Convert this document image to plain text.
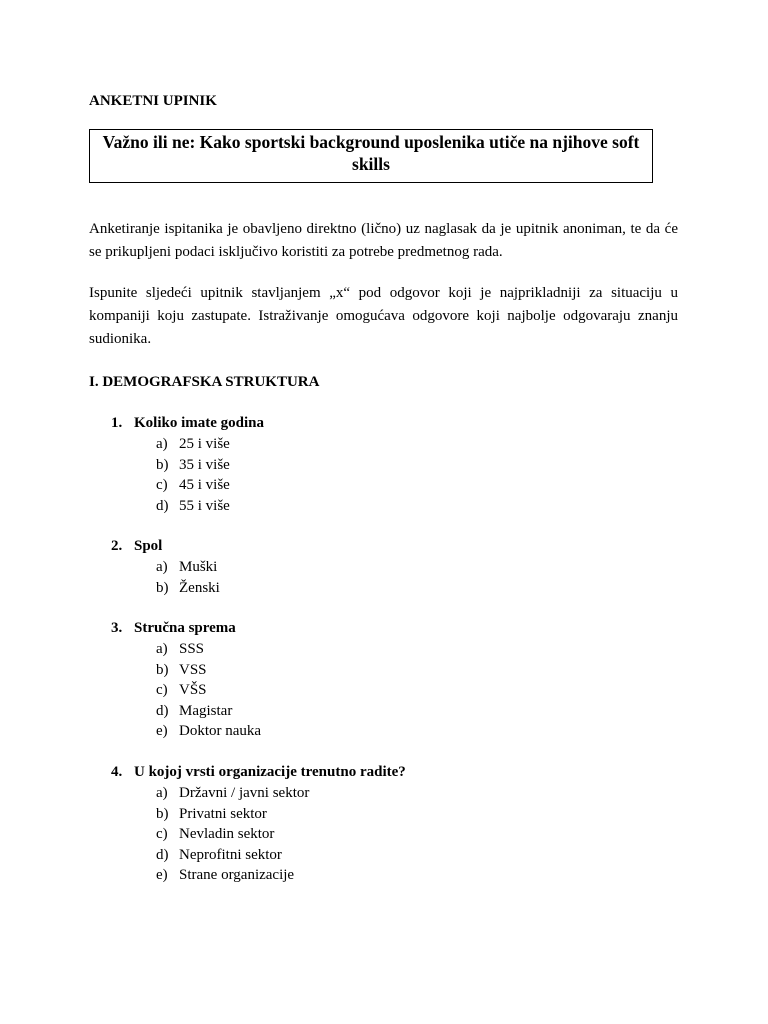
ANKETNI UPINIK
Važno ili ne: Kako sportski background uposlenika utiče na njihove soft
skills

Anketiranje ispitanika je obavljeno direktno (lično) uz naglasak da je upitnik anoniman, te da će se prikupljeni podaci isključivo koristiti za potrebe predmetnog rada.

Ispunite sljedeći upitnik stavljanjem „x“ pod odgovor koji je najprikladniji za situaciju u kompaniji koju zastupate. Istraživanje omogućava odgovore koji najbolje odgovaraju znanju sudionika.

I. DEMOGRAFSKA STRUKTURA
1. Koliko imate godina
a) 25 i više
b) 35 i više
c) 45 i više
d) 55 i više
2. Spol
a) Muški
b) Ženski
3. Stručna sprema
a) SSS
b) VSS
c) VŠS
d) Magistar
e) Doktor nauka
4. U kojoj vrsti organizacije trenutno radite?
a) Državni / javni sektor
b) Privatni sektor
c) Nevladin sektor
d) Neprofitni sektor
e) Strane organizacije
